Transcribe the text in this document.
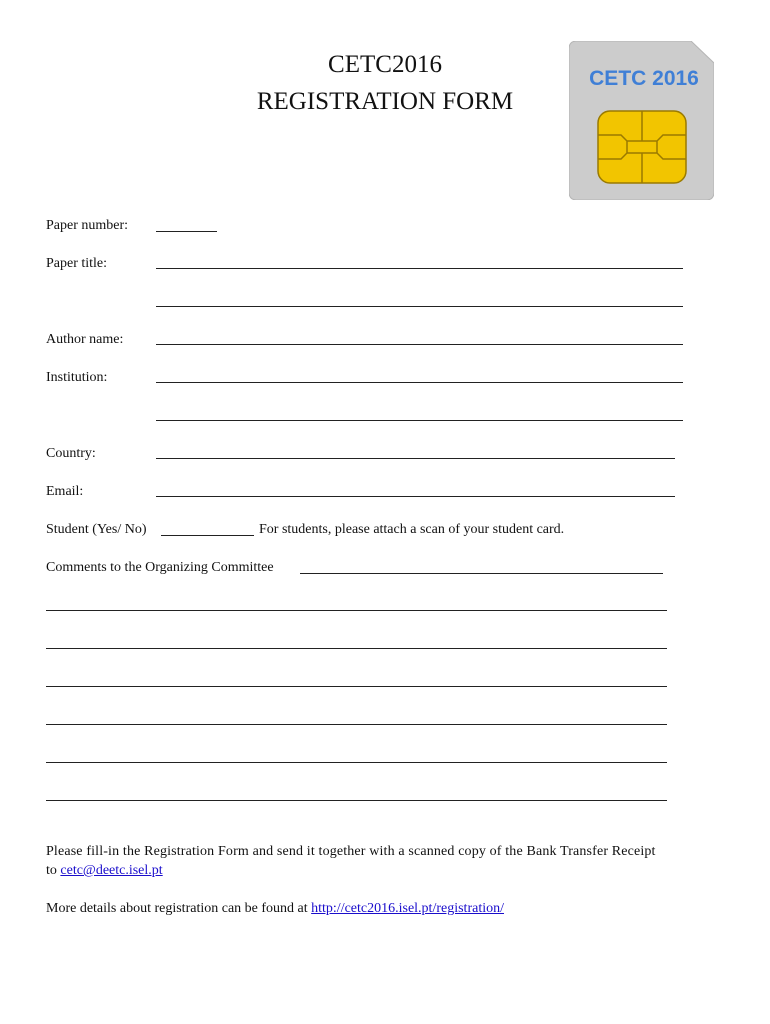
CETC2016
REGISTRATION FORM
CETC 2016
Paper number:
Paper title:
Author name:
Institution:
Country:
Email:
Student (Yes/ No)	For students, please attach a scan of your student card.
Comments to the Organizing Committee
Please fill-in the Registration Form and send it together with a scanned copy of the Bank Transfer Receipt
to cetc@deetc.isel.pt
More details about registration can be found at http://cetc2016.isel.pt/registration/
